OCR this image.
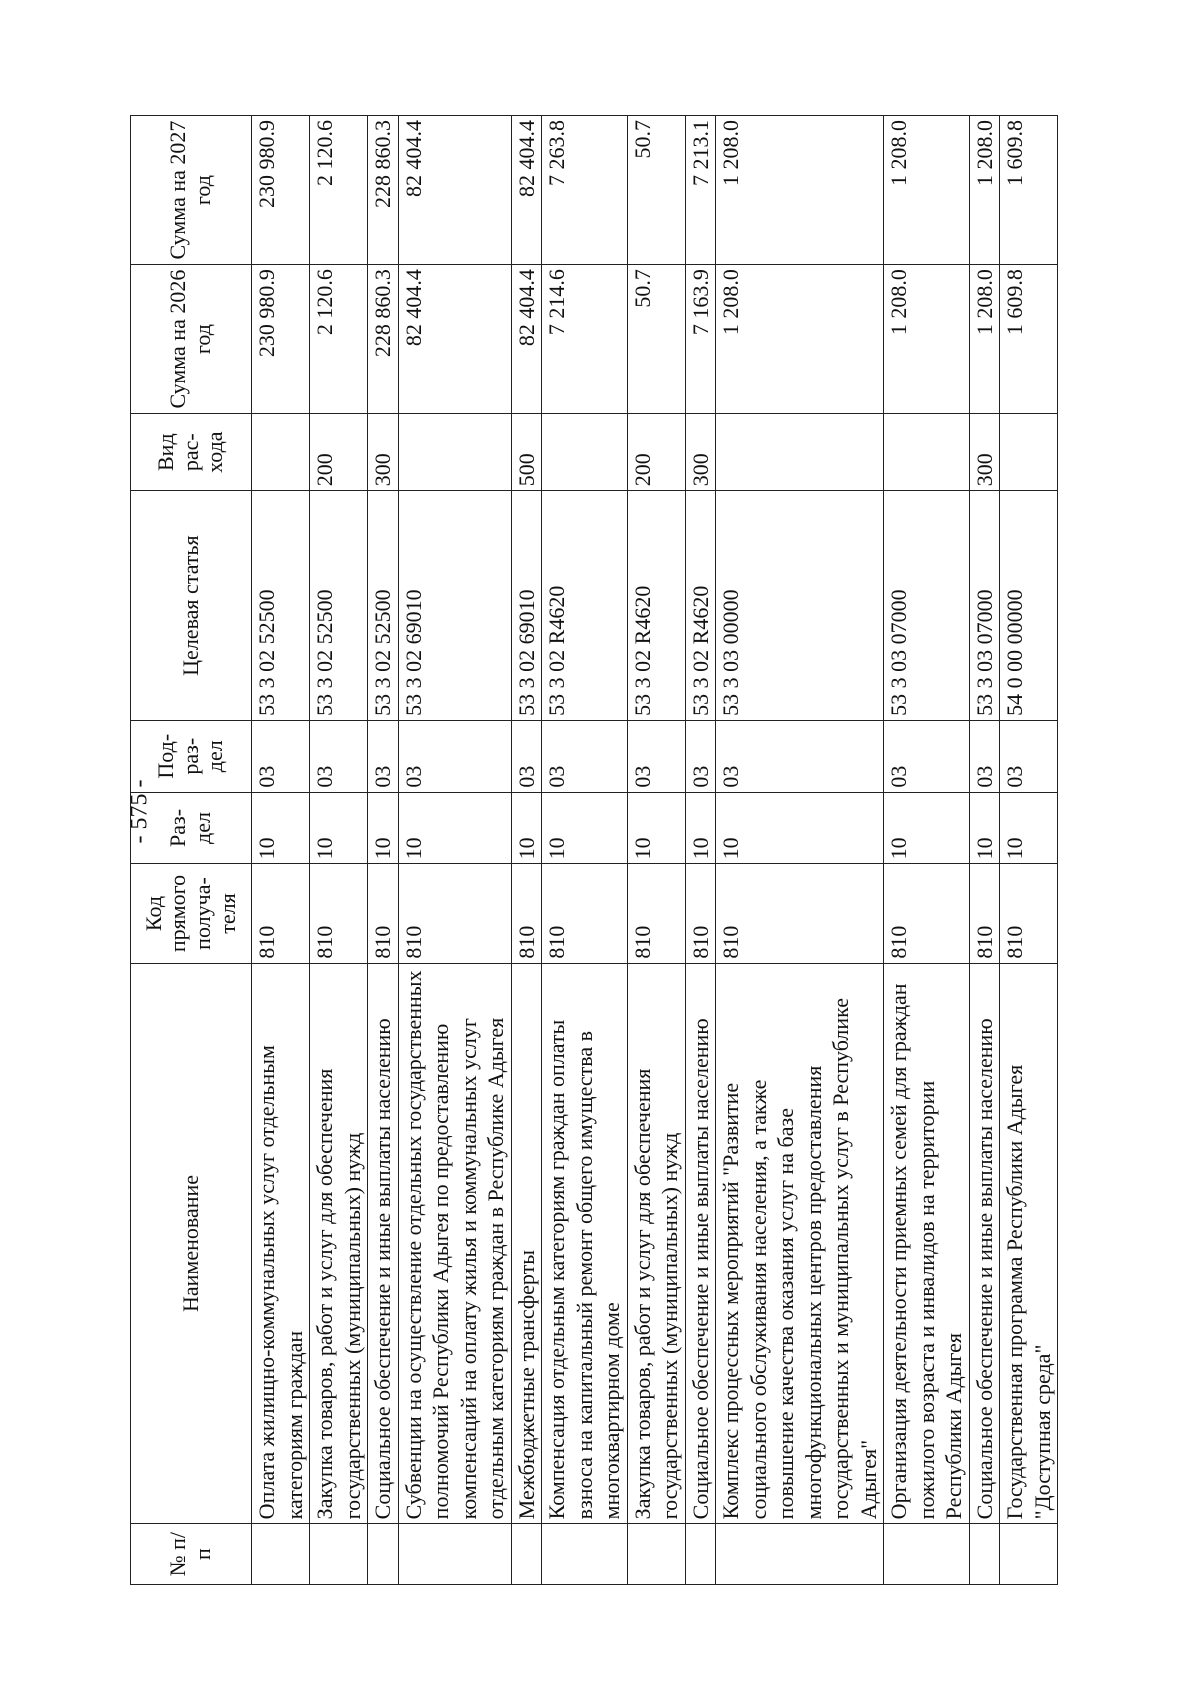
- 575 -
№ п/п	Наименование	Код прямого получа-теля	Раз-дел	Под-раз-дел	Целевая статья	Вид рас-хода	Сумма на 2026 год	Сумма на 2027 год
	Оплата жилищно-коммунальных услуг отдельным категориям граждан	810	10	03	53 3 02 52500		230 980.9	230 980.9
	Закупка товаров, работ и услуг для обеспечения государственных (муниципальных) нужд	810	10	03	53 3 02 52500	200	2 120.6	2 120.6
	Социальное обеспечение и иные выплаты населению	810	10	03	53 3 02 52500	300	228 860.3	228 860.3
	Субвенции на осуществление отдельных государственных полномочий Республики Адыгея по предоставлению компенсаций на оплату жилья и коммунальных услуг отдельным категориям граждан в Республике Адыгея	810	10	03	53 3 02 69010		82 404.4	82 404.4
	Межбюджетные трансферты	810	10	03	53 3 02 69010	500	82 404.4	82 404.4
	Компенсация отдельным категориям граждан оплаты взноса на капитальный ремонт общего имущества в многоквартирном доме	810	10	03	53 3 02 R4620		7 214.6	7 263.8
	Закупка товаров, работ и услуг для обеспечения государственных (муниципальных) нужд	810	10	03	53 3 02 R4620	200	50.7	50.7
	Социальное обеспечение и иные выплаты населению	810	10	03	53 3 02 R4620	300	7 163.9	7 213.1
	Комплекс процессных мероприятий "Развитие социального обслуживания населения, а также повышение качества оказания услуг на базе многофункциональных центров предоставления государственных и муниципальных услуг в Республике Адыгея"	810	10	03	53 3 03 00000		1 208.0	1 208.0
	Организация деятельности приемных семей для граждан пожилого возраста и инвалидов на территории Республики Адыгея	810	10	03	53 3 03 07000		1 208.0	1 208.0
	Социальное обеспечение и иные выплаты населению	810	10	03	53 3 03 07000	300	1 208.0	1 208.0
	Государственная программа Республики Адыгея "Доступная среда"	810	10	03	54 0 00 00000		1 609.8	1 609.8
